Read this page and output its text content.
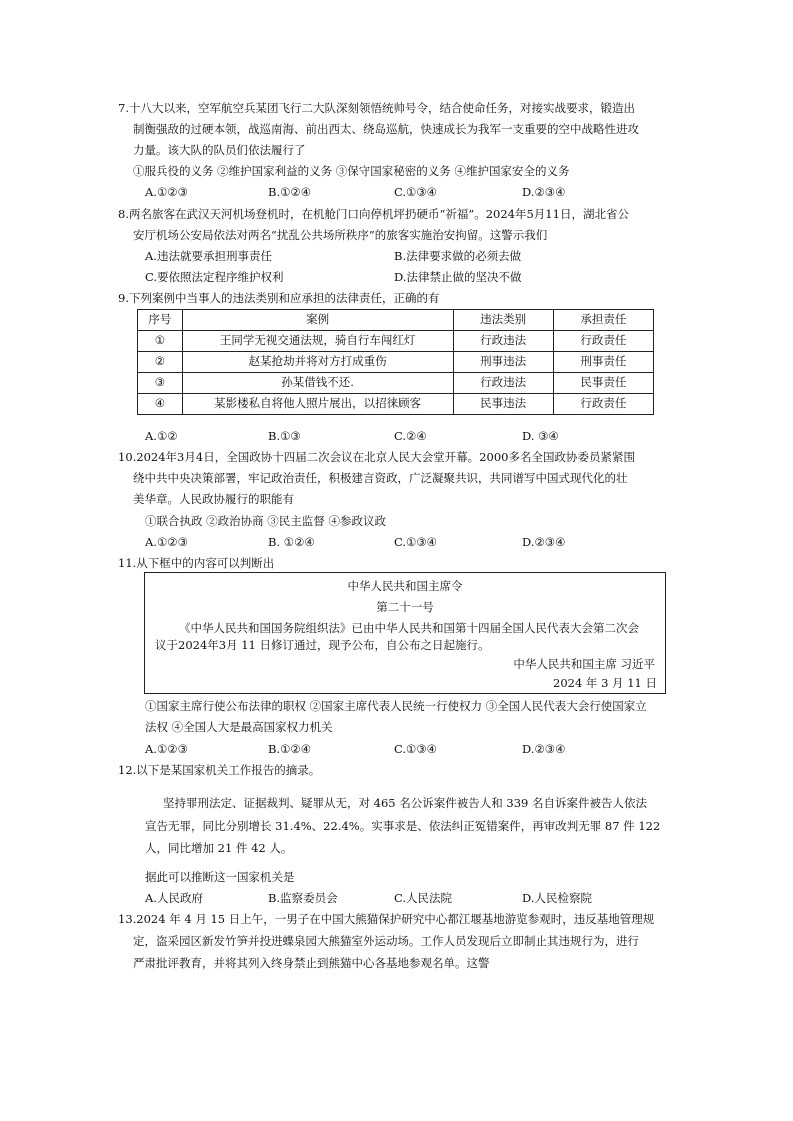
7.十八大以来，空军航空兵某团飞行二大队深刻领悟统帅号令，结合使命任务，对接实战要求，锻造出
制衡强敌的过硬本领，战巡南海、前出西太、绕岛巡航，快速成长为我军一支重要的空中战略性进攻
力量。该大队的队员们依法履行了
①服兵役的义务 ②维护国家利益的义务 ③保守国家秘密的义务 ④维护国家安全的义务
A.①②③	B.①②④	C.①③④	D.②③④
8.两名旅客在武汉天河机场登机时，在机舱门口向停机坪扔硬币“祈福”。2024年5月11日，湖北省公
安厅机场公安局依法对两名“扰乱公共场所秩序”的旅客实施治安拘留。这警示我们
A.违法就要承担刑事责任	B.法律要求做的必须去做
C.要依照法定程序维护权利	D.法律禁止做的坚决不做
9.下列案例中当事人的违法类别和应承担的法律责任，正确的有
序号	案例	违法类别	承担责任
①	王同学无视交通法规，骑自行车闯红灯	行政违法	行政责任
②	赵某抢劫并将对方打成重伤	刑事违法	刑事责任
③	孙某借钱不还.	行政违法	民事责任
④	某影楼私自将他人照片展出，以招徕顾客	民事违法	行政责任
A.①②	B.①③	C.②④	D. ③④
10.2024年3月4日，全国政协十四届二次会议在北京人民大会堂开幕。2000多名全国政协委员紧紧围
绕中共中央决策部署，牢记政治责任，积极建言资政，广泛凝聚共识，共同谱写中国式现代化的壮
美华章。人民政协履行的职能有
①联合执政 ②政治协商 ③民主监督 ④参政议政
A.①②③	B. ①②④	C.①③④	D.②③④
11.从下框中的内容可以判断出
中华人民共和国主席令
第二十一号
《中华人民共和国国务院组织法》已由中华人民共和国第十四届全国人民代表大会第二次会
议于2024年3月 11 日修订通过，现予公布，自公布之日起施行。
中华人民共和国主席 习近平
2024 年 3 月 11 日
①国家主席行使公布法律的职权 ②国家主席代表人民统一行使权力 ③全国人民代表大会行使国家立
法权 ④全国人大是最高国家权力机关
A.①②③	B.①②④	C.①③④	D.②③④
12.以下是某国家机关工作报告的摘录。
坚持罪刑法定、证据裁判、疑罪从无，对 465 名公诉案件被告人和 339 名自诉案件被告人依法
宣告无罪，同比分别增长 31.4%、22.4%。实事求是、依法纠正冤错案件，再审改判无罪 87 件 122
人，同比增加 21 件 42 人。
据此可以推断这一国家机关是
A.人民政府	B.监察委员会	C.人民法院	D.人民检察院
13.2024 年 4 月 15 日上午，一男子在中国大熊猫保护研究中心都江堰基地游览参观时，违反基地管理规
定，盗采园区新发竹笋并投进蝶泉园大熊猫室外运动场。工作人员发现后立即制止其违规行为，进行
严肃批评教育，并将其列入终身禁止到熊猫中心各基地参观名单。这警
